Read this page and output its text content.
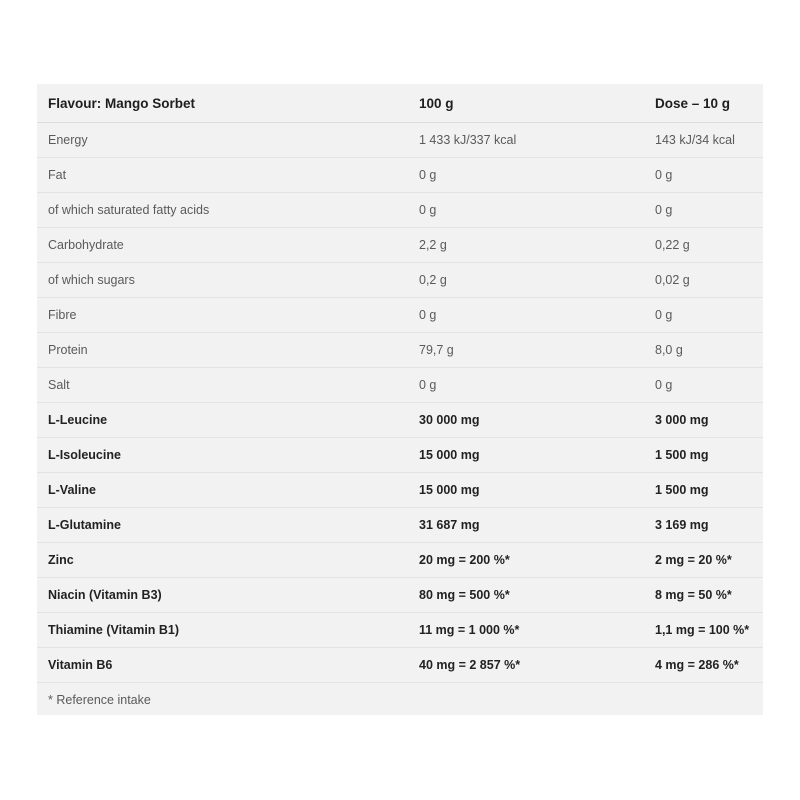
Flavour: Mango Sorbet	100 g	Dose – 10 g
Energy	1 433 kJ/337 kcal	143 kJ/34 kcal
Fat	0 g	0 g
of which saturated fatty acids	0 g	0 g
Carbohydrate	2,2 g	0,22 g
of which sugars	0,2 g	0,02 g
Fibre	0 g	0 g
Protein	79,7 g	8,0 g
Salt	0 g	0 g
L-Leucine	30 000 mg	3 000 mg
L-Isoleucine	15 000 mg	1 500 mg
L-Valine	15 000 mg	1 500 mg
L-Glutamine	31 687 mg	3 169 mg
Zinc	20 mg = 200 %*	2 mg = 20 %*
Niacin (Vitamin B3)	80 mg = 500 %*	8 mg = 50 %*
Thiamine (Vitamin B1)	11 mg = 1 000 %*	1,1 mg = 100 %*
Vitamin B6	40 mg = 2 857 %*	4 mg = 286 %*
* Reference intake		
